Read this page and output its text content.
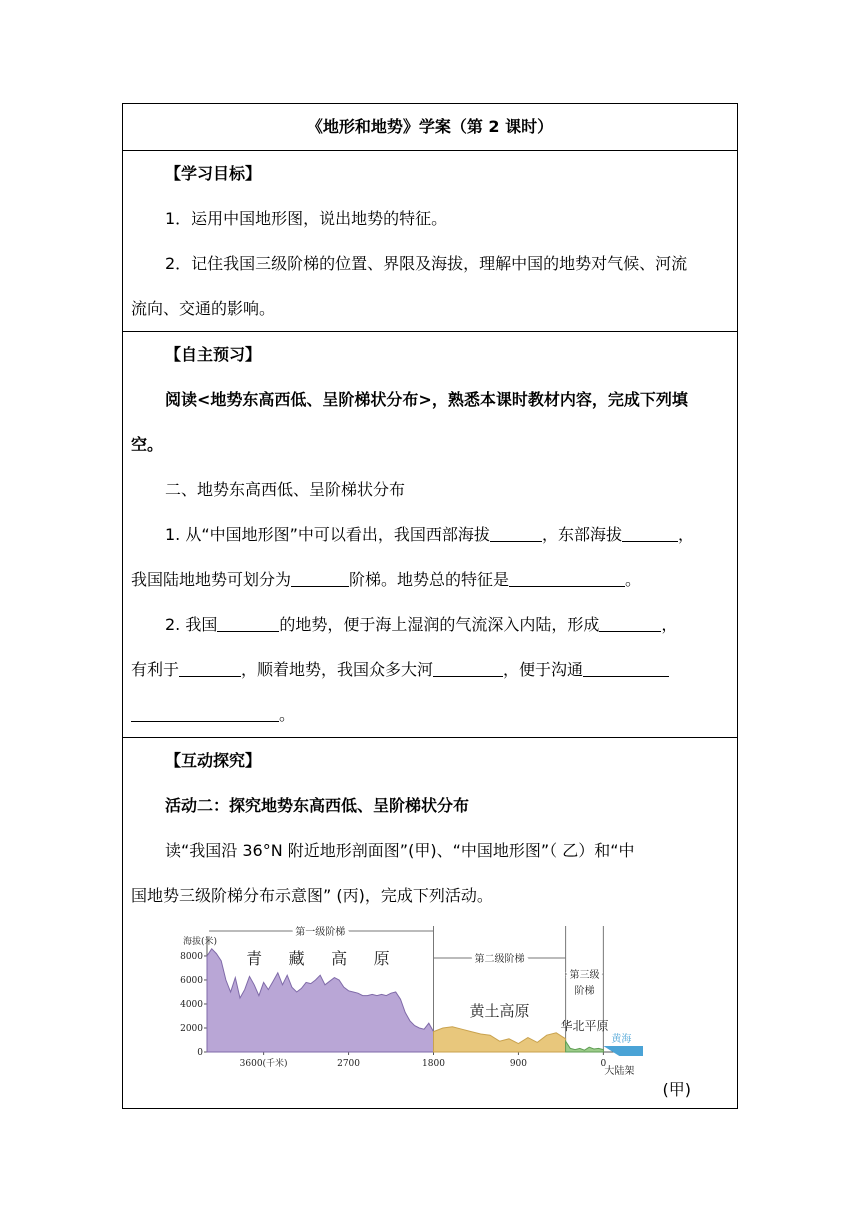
《地形和地势》学案（第 2 课时）

【学习目标】

1．运用中国地形图，说出地势的特征。

2．记住我国三级阶梯的位置、界限及海拔，理解中国的地势对气候、河流

流向、交通的影响。

【自主预习】

阅读<地势东高西低、呈阶梯状分布>，熟悉本课时教材内容，完成下列填

空。

二、地势东高西低、呈阶梯状分布

1. 从“中国地形图”中可以看出，我国西部海拔	，东部海拔	，

我国陆地地势可划分为	阶梯。地势总的特征是	。

2. 我国	的地势，便于海上湿润的气流深入内陆，形成	，

有利于	，顺着地势，我国众多大河	，便于沟通

。

【互动探究】

活动二：探究地势东高西低、呈阶梯状分布

读“我国沿 36°N 附近地形剖面图”(甲)、“中国地形图”（ 乙）和“中

国地势三级阶梯分布示意图” (丙)，完成下列活动。

海拔(米)
8000
6000
4000
2000
0
3600(千米)	2700	1800	900	0
第一级阶梯
第二级阶梯
第三级
阶梯
青 藏 高 原
黄土高原
华北平原
黄海
大陆架
(甲)
